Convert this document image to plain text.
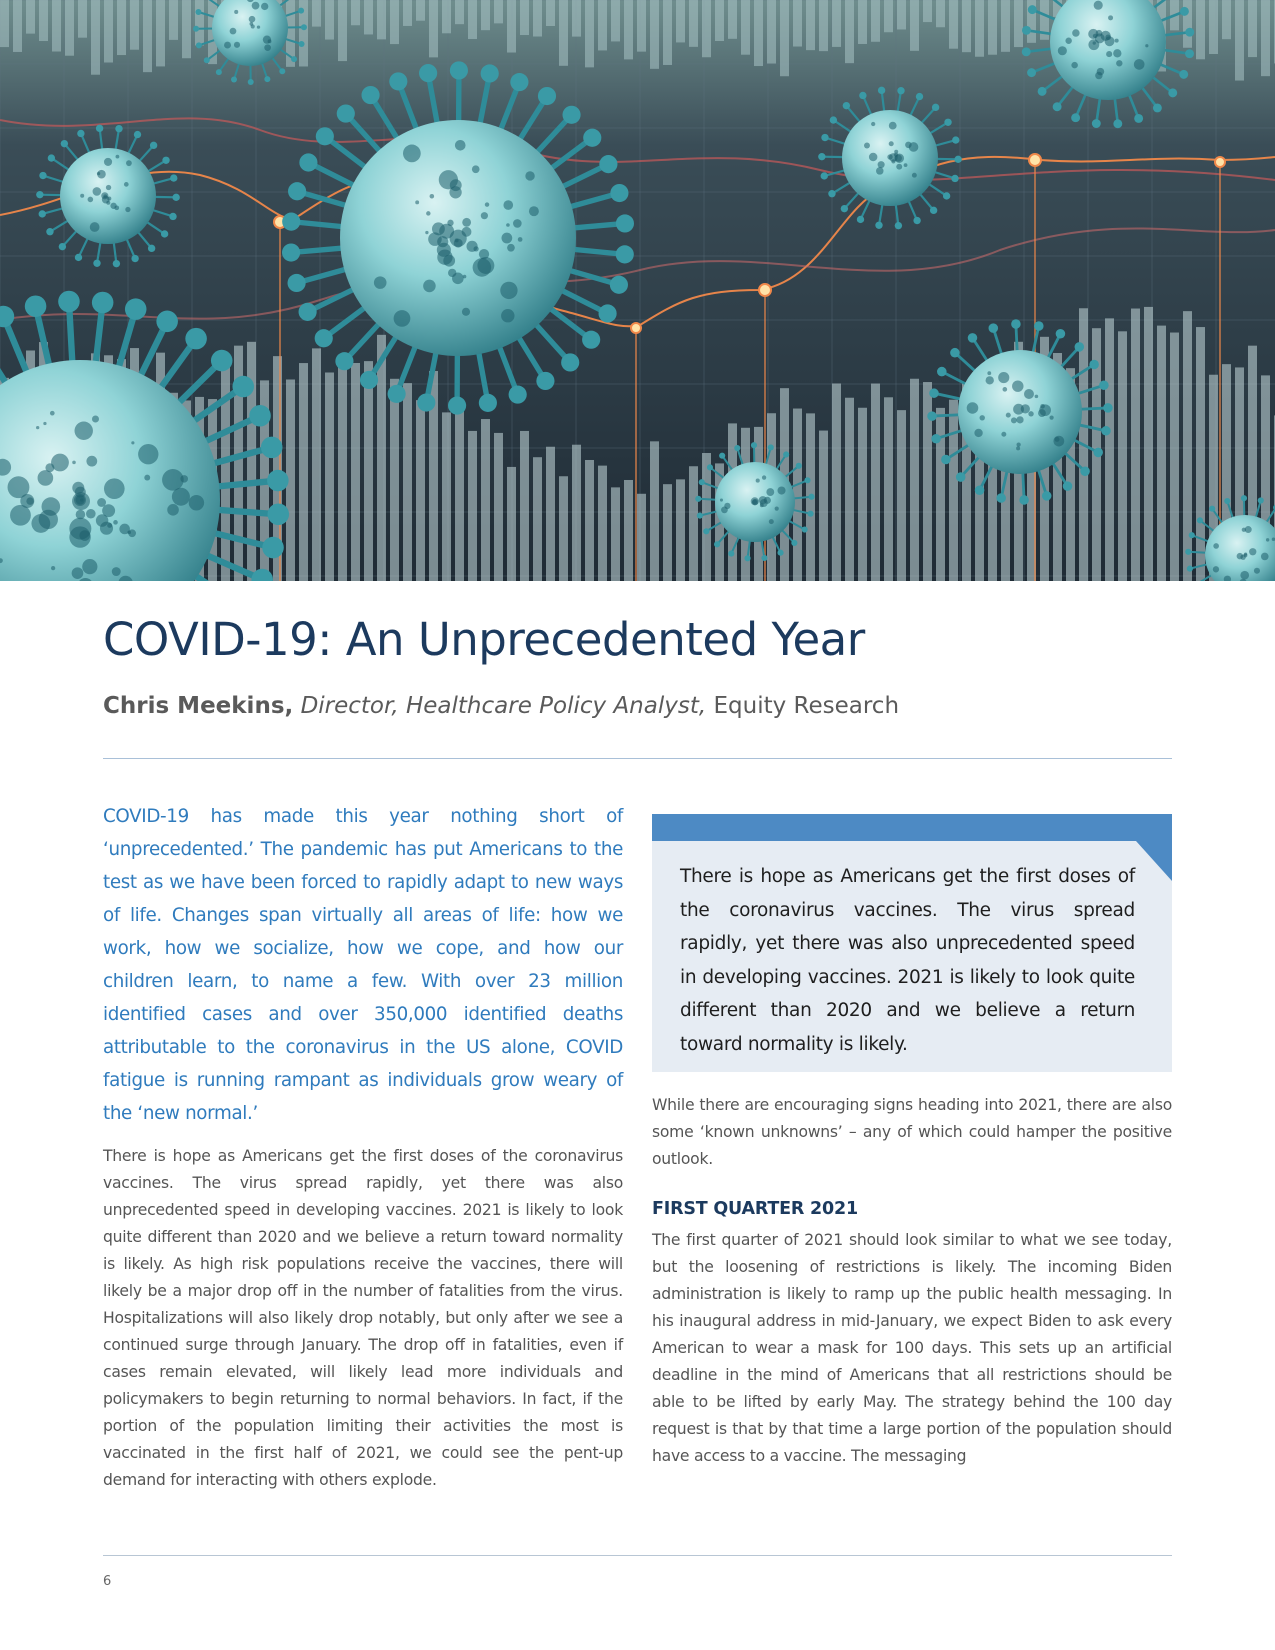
COVID-19: An Unprecedented Year
Chris Meekins, Director, Healthcare Policy Analyst, Equity Research

COVID-19 has made this year nothing short of ‘unprecedented.’ The pandemic has put Americans to the test as we have been forced to rapidly adapt to new ways of life. Changes span virtually all areas of life: how we work, how we socialize, how we cope, and how our children learn, to name a few. With over 23 million identified cases and over 350,000 identified deaths attributable to the coronavirus in the US alone, COVID fatigue is running rampant as individuals grow weary of the ‘new normal.’

There is hope as Americans get the first doses of the coronavirus vaccines. The virus spread rapidly, yet there was also unprecedented speed in developing vaccines. 2021 is likely to look quite different than 2020 and we believe a return toward normality is likely. As high risk populations receive the vaccines, there will likely be a major drop off in the number of fatalities from the virus. Hospitalizations will also likely drop notably, but only after we see a continued surge through January. The drop off in fatalities, even if cases remain elevated, will likely lead more individuals and policymakers to begin returning to normal behaviors. In fact, if the portion of the population limiting their activities the most is vaccinated in the first half of 2021, we could see the pent-up demand for interacting with others explode.

There is hope as Americans get the first doses of the coronavirus vaccines. The virus spread rapidly, yet there was also unprecedented speed in developing vaccines. 2021 is likely to look quite different than 2020 and we believe a return toward normality is likely.

While there are encouraging signs heading into 2021, there are also some ‘known unknowns’ – any of which could hamper the positive outlook.

FIRST QUARTER 2021

The first quarter of 2021 should look similar to what we see today, but the loosening of restrictions is likely. The incoming Biden administration is likely to ramp up the public health messaging. In his inaugural address in mid-January, we expect Biden to ask every American to wear a mask for 100 days. This sets up an artificial deadline in the mind of Americans that all restrictions should be able to be lifted by early May. The strategy behind the 100 day request is that by that time a large portion of the population should have access to a vaccine. The messaging

6
